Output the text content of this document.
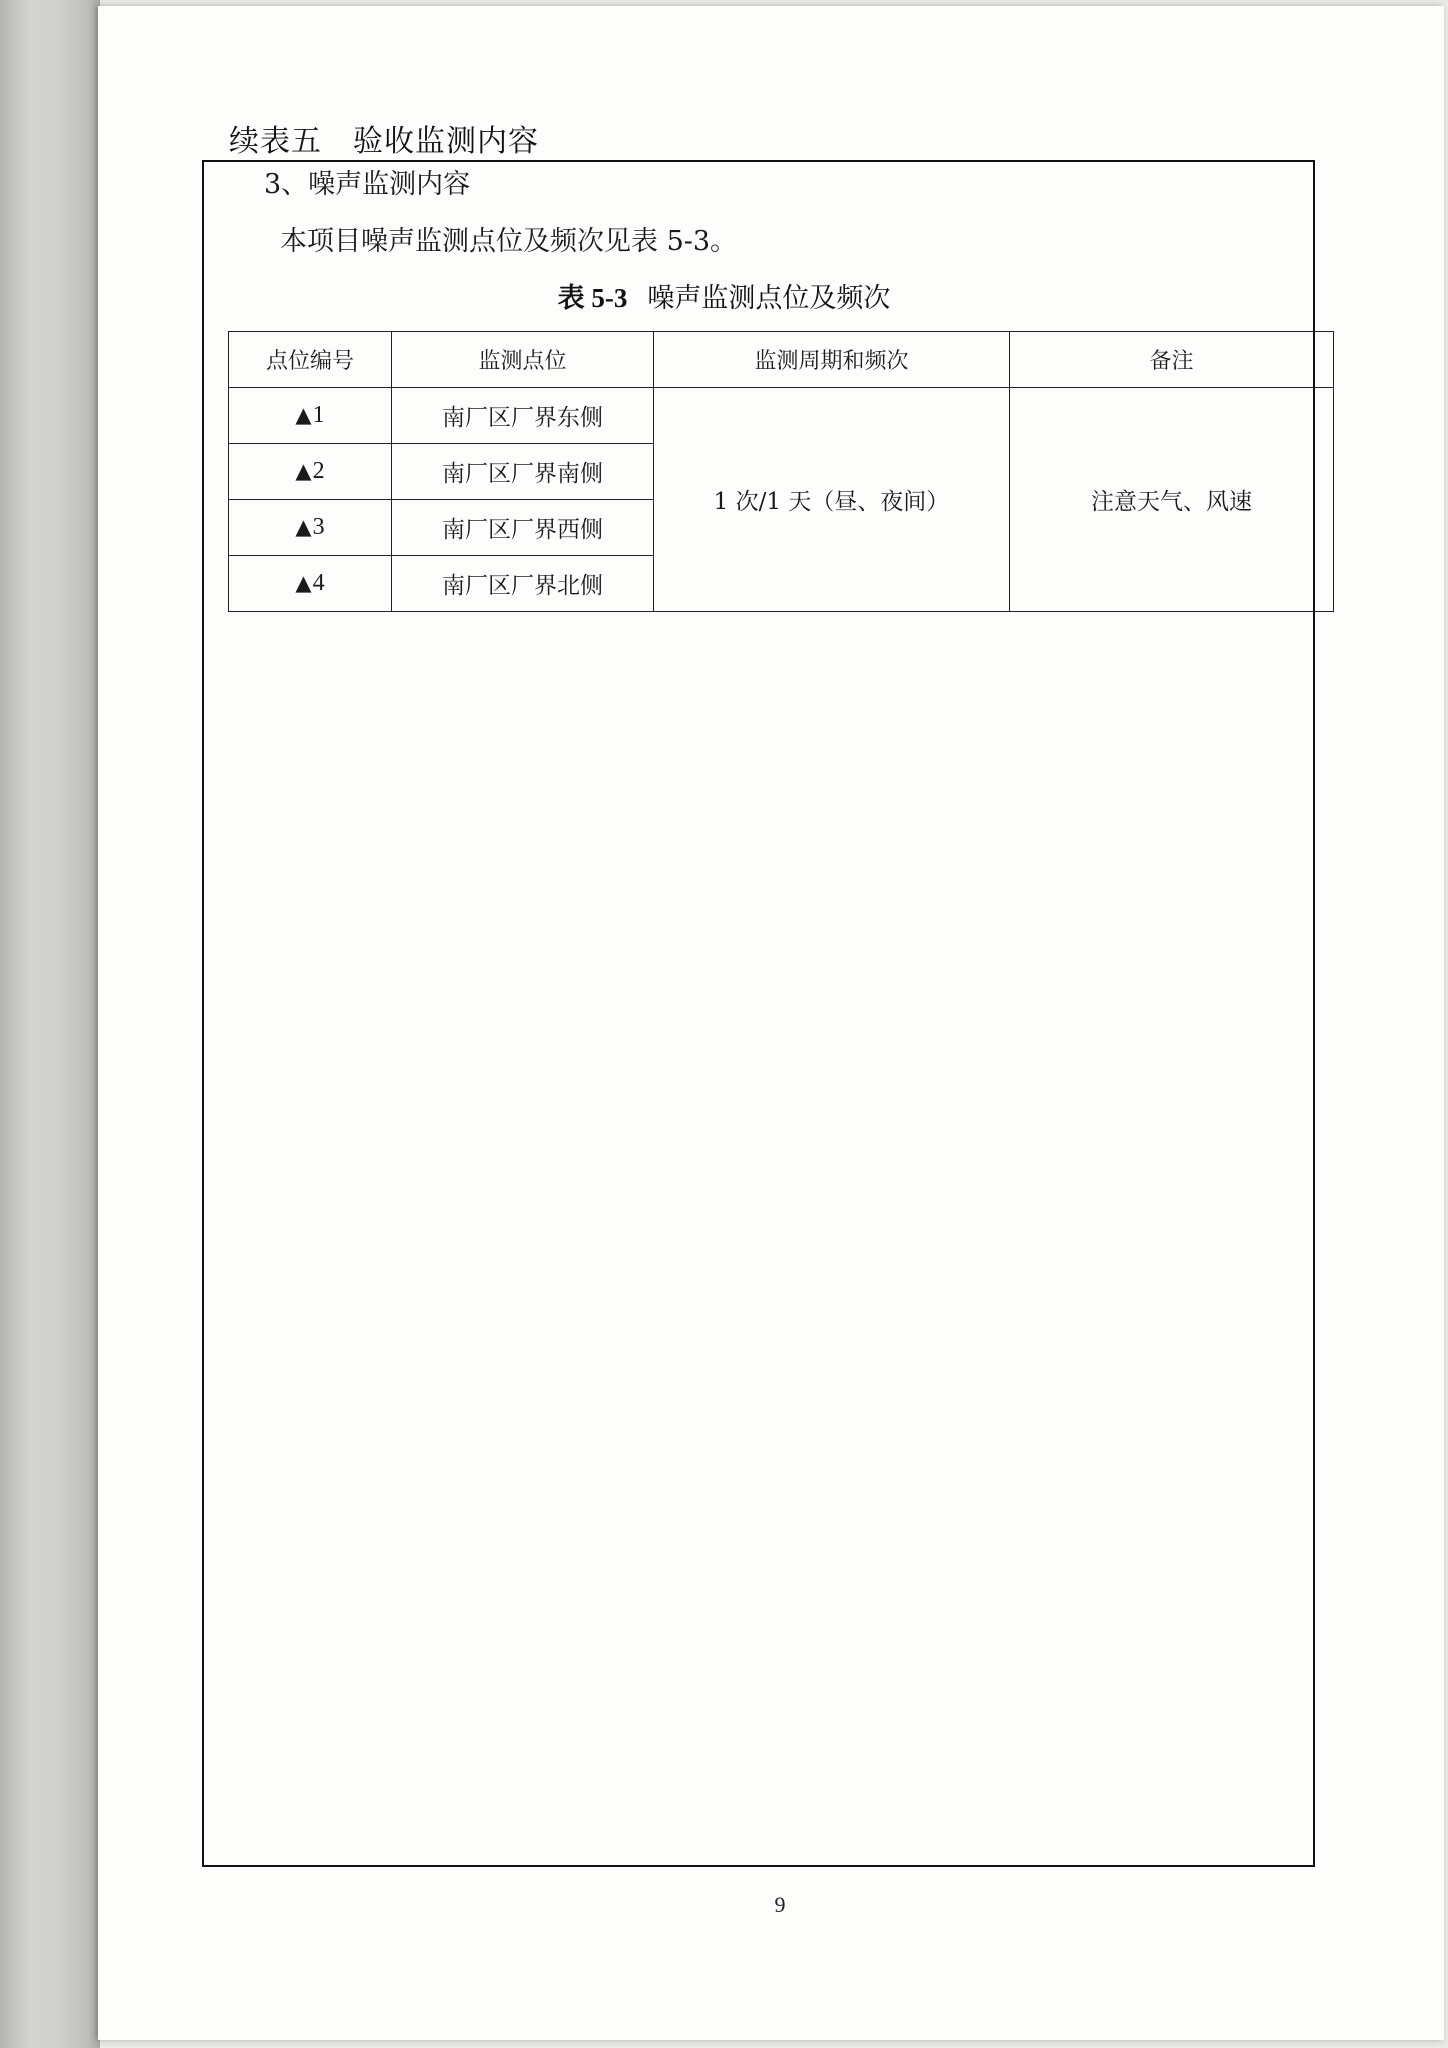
续表五　验收监测内容
3、噪声监测内容
本项目噪声监测点位及频次见表 5-3。
表 5-3 噪声监测点位及频次
点位编号	监测点位	监测周期和频次	备注
▲1	南厂区厂界东侧	1 次/1 天（昼、夜间）	注意天气、风速
▲2	南厂区厂界南侧		
▲3	南厂区厂界西侧		
▲4	南厂区厂界北侧		
9
